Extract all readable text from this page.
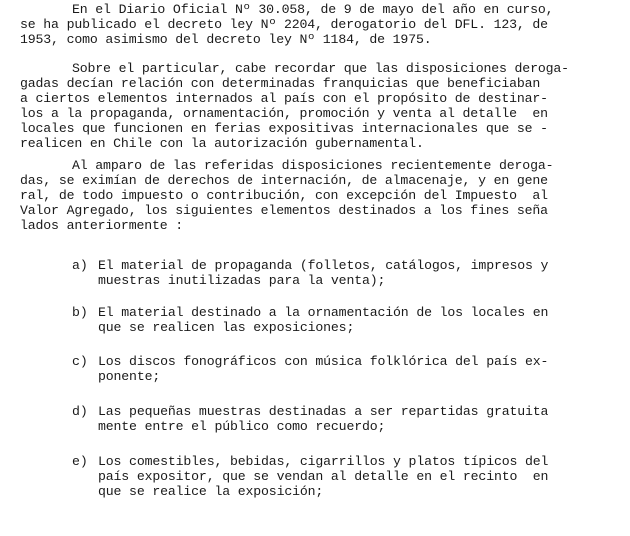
En el Diario Oficial Nº 30.058, de 9 de mayo del año en curso,
se ha publicado el decreto ley Nº 2204, derogatorio del DFL. 123, de
1953, como asimismo del decreto ley Nº 1184, de 1975.
Sobre el particular, cabe recordar que las disposiciones deroga-
gadas decían relación con determinadas franquicias que beneficiaban
a ciertos elementos internados al país con el propósito de destinar-
los a la propaganda, ornamentación, promoción y venta al detalle  en
locales que funcionen en ferias expositivas internacionales que se -
realicen en Chile con la autorización gubernamental.
Al amparo de las referidas disposiciones recientemente deroga-
das, se eximían de derechos de internación, de almacenaje, y en gene
ral, de todo impuesto o contribución, con excepción del Impuesto  al
Valor Agregado, los siguientes elementos destinados a los fines seña
lados anteriormente :
a) El material de propaganda (folletos, catálogos, impresos y
muestras inutilizadas para la venta);
b) El material destinado a la ornamentación de los locales en
que se realicen las exposiciones;
c) Los discos fonográficos con música folklórica del país ex-
ponente;
d) Las pequeñas muestras destinadas a ser repartidas gratuita
mente entre el público como recuerdo;
e) Los comestibles, bebidas, cigarrillos y platos típicos del
país expositor, que se vendan al detalle en el recinto  en
que se realice la exposición;
